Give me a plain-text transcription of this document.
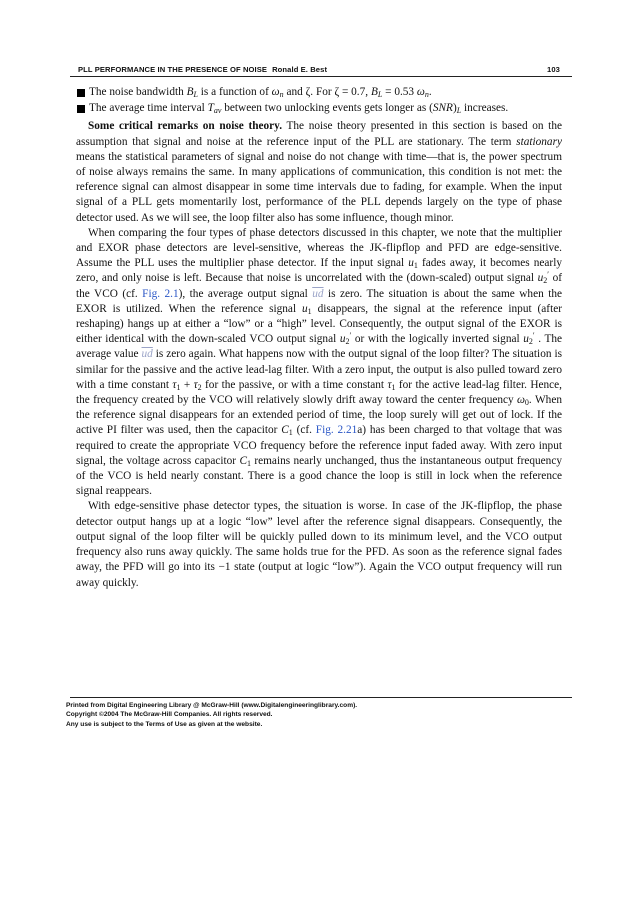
PLL PERFORMANCE IN THE PRESENCE OF NOISE Ronald E. Best	103
The noise bandwidth $B_L$ is a function of $\omega_n$ and ζ. For ζ = 0.7, $B_L = 0.53$ $\omega_n$.
The average time interval $T_{av}$ between two unlocking events gets longer as $(SNR)_L$ increases.

Some critical remarks on noise theory. The noise theory presented in this section is based on the assumption that signal and noise at the reference input of the PLL are stationary. The term stationary means the statistical parameters of signal and noise do not change with time—that is, the power spectrum of noise always remains the same. In many applications of communication, this condition is not met: the reference signal can almost disappear in some time intervals due to fading, for example. When the input signal of a PLL gets momentarily lost, performance of the PLL depends largely on the type of phase detector used. As we will see, the loop filter also has some influence, though minor.

When comparing the four types of phase detectors discussed in this chapter, we note that the multiplier and EXOR phase detectors are level-sensitive, whereas the JK-flipflop and PFD are edge-sensitive. Assume the PLL uses the multiplier phase detector. If the input signal $u_1$ fades away, it becomes nearly zero, and only noise is left. Because that noise is uncorrelated with the (down-scaled) output signal $u_2'$ of the VCO (cf. Fig. 2.1), the average output signal $\overline{ud}$ is zero. The situation is about the same when the EXOR is utilized. When the reference signal $u_1$ disappears, the signal at the reference input (after reshaping) hangs up at either a “low” or a “high” level. Consequently, the output signal of the EXOR is either identical with the down-scaled VCO output signal $u_2'$ or with the logically inverted signal $u_2'$ . The average value $\overline{ud}$ is zero again. What happens now with the output signal of the loop filter? The situation is similar for the passive and the active lead-lag filter. With a zero input, the output is also pulled toward zero with a time constant $\tau_1 + \tau_2$ for the passive, or with a time constant $\tau_1$ for the active lead-lag filter. Hence, the frequency created by the VCO will relatively slowly drift away toward the center frequency $\omega_0$. When the reference signal disappears for an extended period of time, the loop surely will get out of lock. If the active PI filter was used, then the capacitor $C_1$ (cf. Fig. 2.21a) has been charged to that voltage that was required to create the appropriate VCO frequency before the reference input faded away. With zero input signal, the voltage across capacitor $C_1$ remains nearly unchanged, thus the instantaneous output frequency of the VCO is held nearly constant. There is a good chance the loop is still in lock when the reference signal reappears.

With edge-sensitive phase detector types, the situation is worse. In case of the JK-flipflop, the phase detector output hangs up at a logic “low” level after the reference signal disappears. Consequently, the output signal of the loop filter will be quickly pulled down to its minimum level, and the VCO output frequency also runs away quickly. The same holds true for the PFD. As soon as the reference signal fades away, the PFD will go into its −1 state (output at logic “low”). Again the VCO output frequency will run away quickly.

Printed from Digital Engineering Library @ McGraw-Hill (www.Digitalengineeringlibrary.com).
Copyright ©2004 The McGraw-Hill Companies. All rights reserved.
Any use is subject to the Terms of Use as given at the website.
